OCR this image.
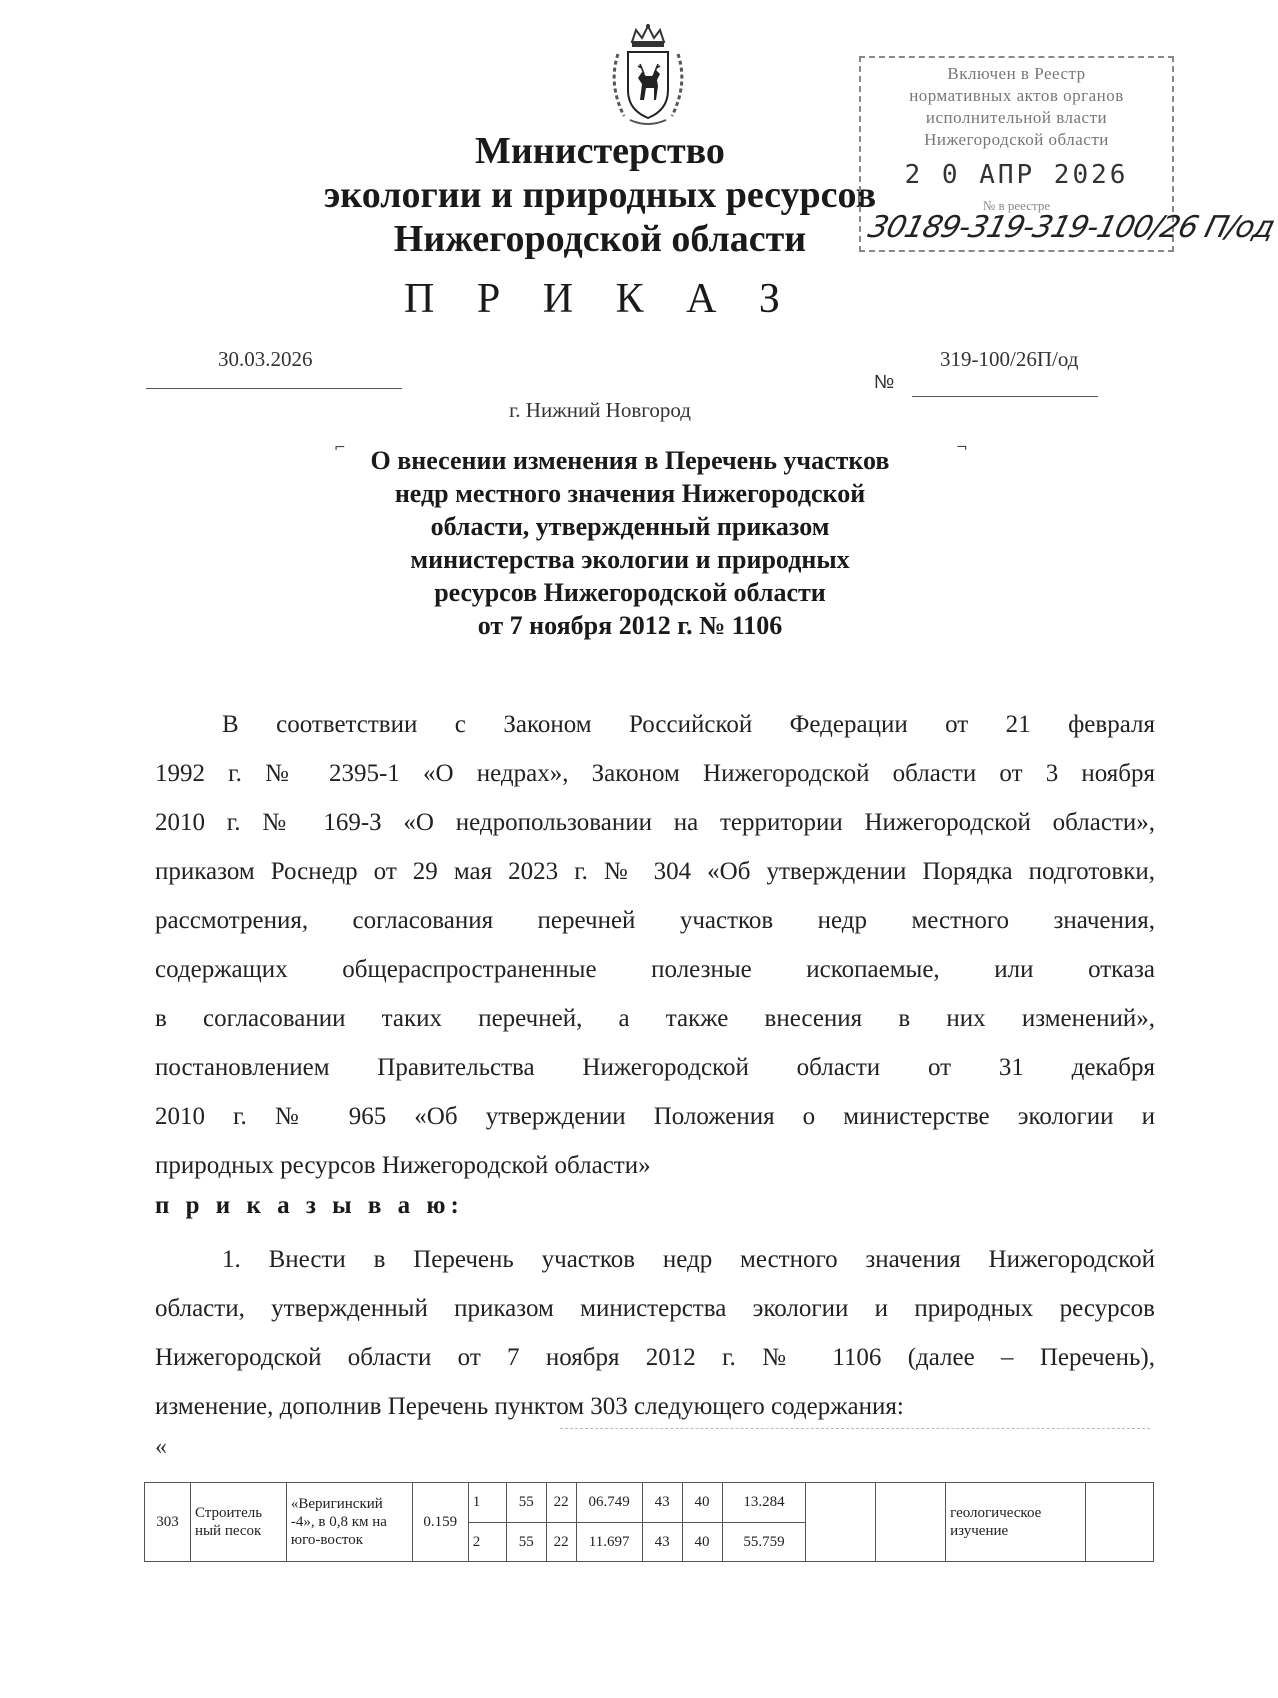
Министерство
экологии и природных ресурсов
Нижегородской области
Включен в Реестр
нормативных актов органов
исполнительной власти
Нижегородской области
2 0 АПР 2026
№ в реестре
30189-319-319-100/26 П/од
П Р И К А З
30.03.2026
№
319-100/26П/од
г. Нижний Новгород
⌐	¬
О внесении изменения в Перечень участков
недр местного значения Нижегородской
области, утвержденный приказом
министерства экологии и природных
ресурсов Нижегородской области
от 7 ноября 2012 г. № 1106
В соответствии с Законом Российской Федерации от 21 февраля
1992 г. № 2395-1 «О недрах», Законом Нижегородской области от 3 ноября
2010 г. № 169-З «О недропользовании на территории Нижегородской области»,
приказом Роснедр от 29 мая 2023 г. № 304 «Об утверждении Порядка подготовки,
рассмотрения, согласования перечней участков недр местного значения,
содержащих общераспространенные полезные ископаемые, или отказа
в согласовании таких перечней, а также внесения в них изменений»,
постановлением Правительства Нижегородской области от 31 декабря
2010 г. № 965 «Об утверждении Положения о министерстве экологии и
природных ресурсов Нижегородской области»
п р и к а з ы в а ю:
1. Внести в Перечень участков недр местного значения Нижегородской
области, утвержденный приказом министерства экологии и природных ресурсов
Нижегородской области от 7 ноября 2012 г. № 1106 (далее – Перечень),
изменение, дополнив Перечень пунктом 303 следующего содержания:
«
303	Строитель ный песок	«Веригинский -4», в 0,8 км на юго-восток	0.159	1	55	22	06.749	43	40	13.284			геологическое изучение	
				2	55	22	11.697	43	40	55.759				
